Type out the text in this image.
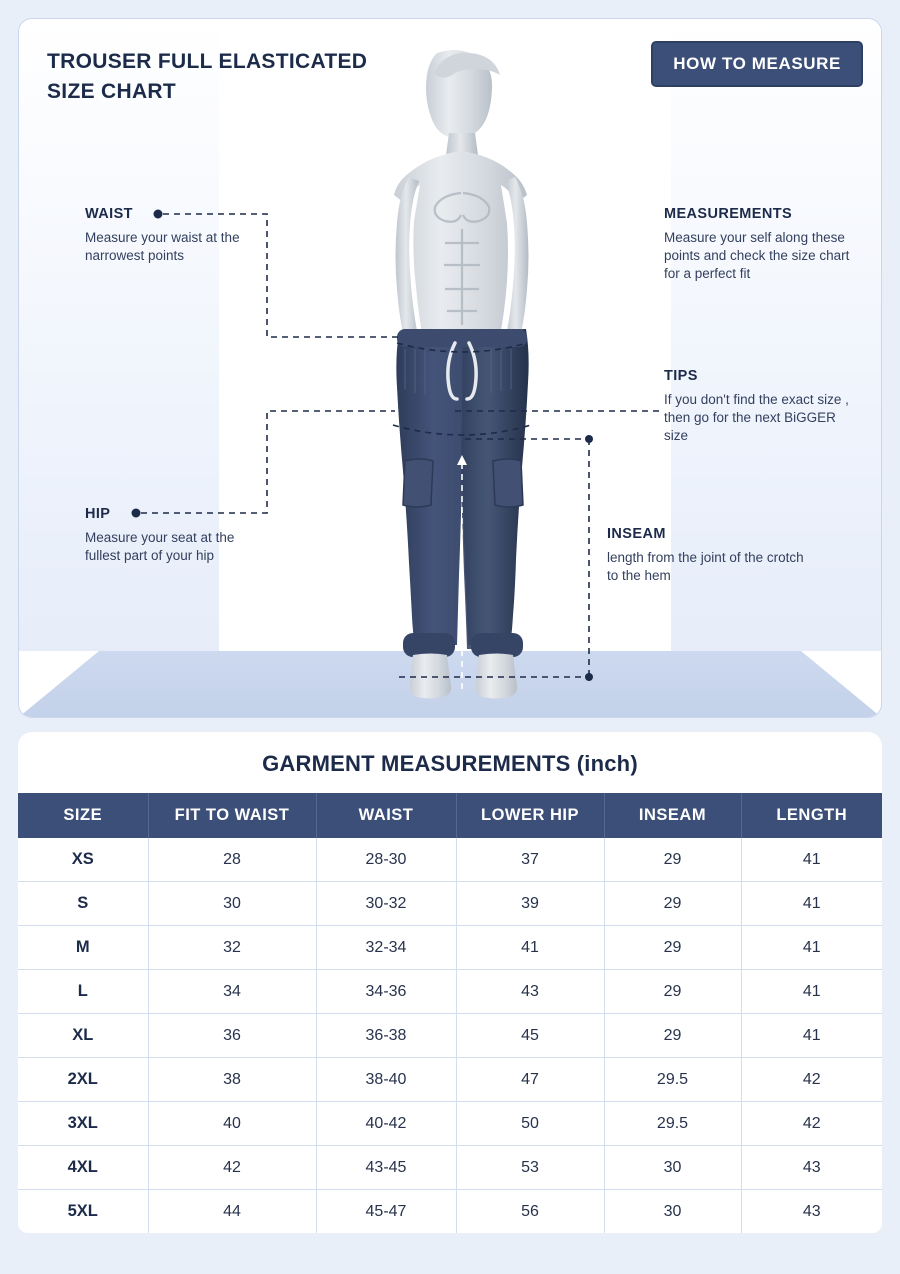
TROUSER FULL ELASTICATED SIZE CHART
HOW TO MEASURE
WAIST
Measure your waist at the narrowest points
HIP
Measure your seat at the fullest part of your hip
MEASUREMENTS
Measure your self along these points and check the size chart for a perfect fit
TIPS
If you don't find the exact size , then go for the next BiGGER size
INSEAM
length from the joint of the crotch to the hem
GARMENT MEASUREMENTS (inch)
SIZE	FIT TO WAIST	WAIST	LOWER HIP	INSEAM	LENGTH
XS	28	28-30	37	29	41
S	30	30-32	39	29	41
M	32	32-34	41	29	41
L	34	34-36	43	29	41
XL	36	36-38	45	29	41
2XL	38	38-40	47	29.5	42
3XL	40	40-42	50	29.5	42
4XL	42	43-45	53	30	43
5XL	44	45-47	56	30	43
